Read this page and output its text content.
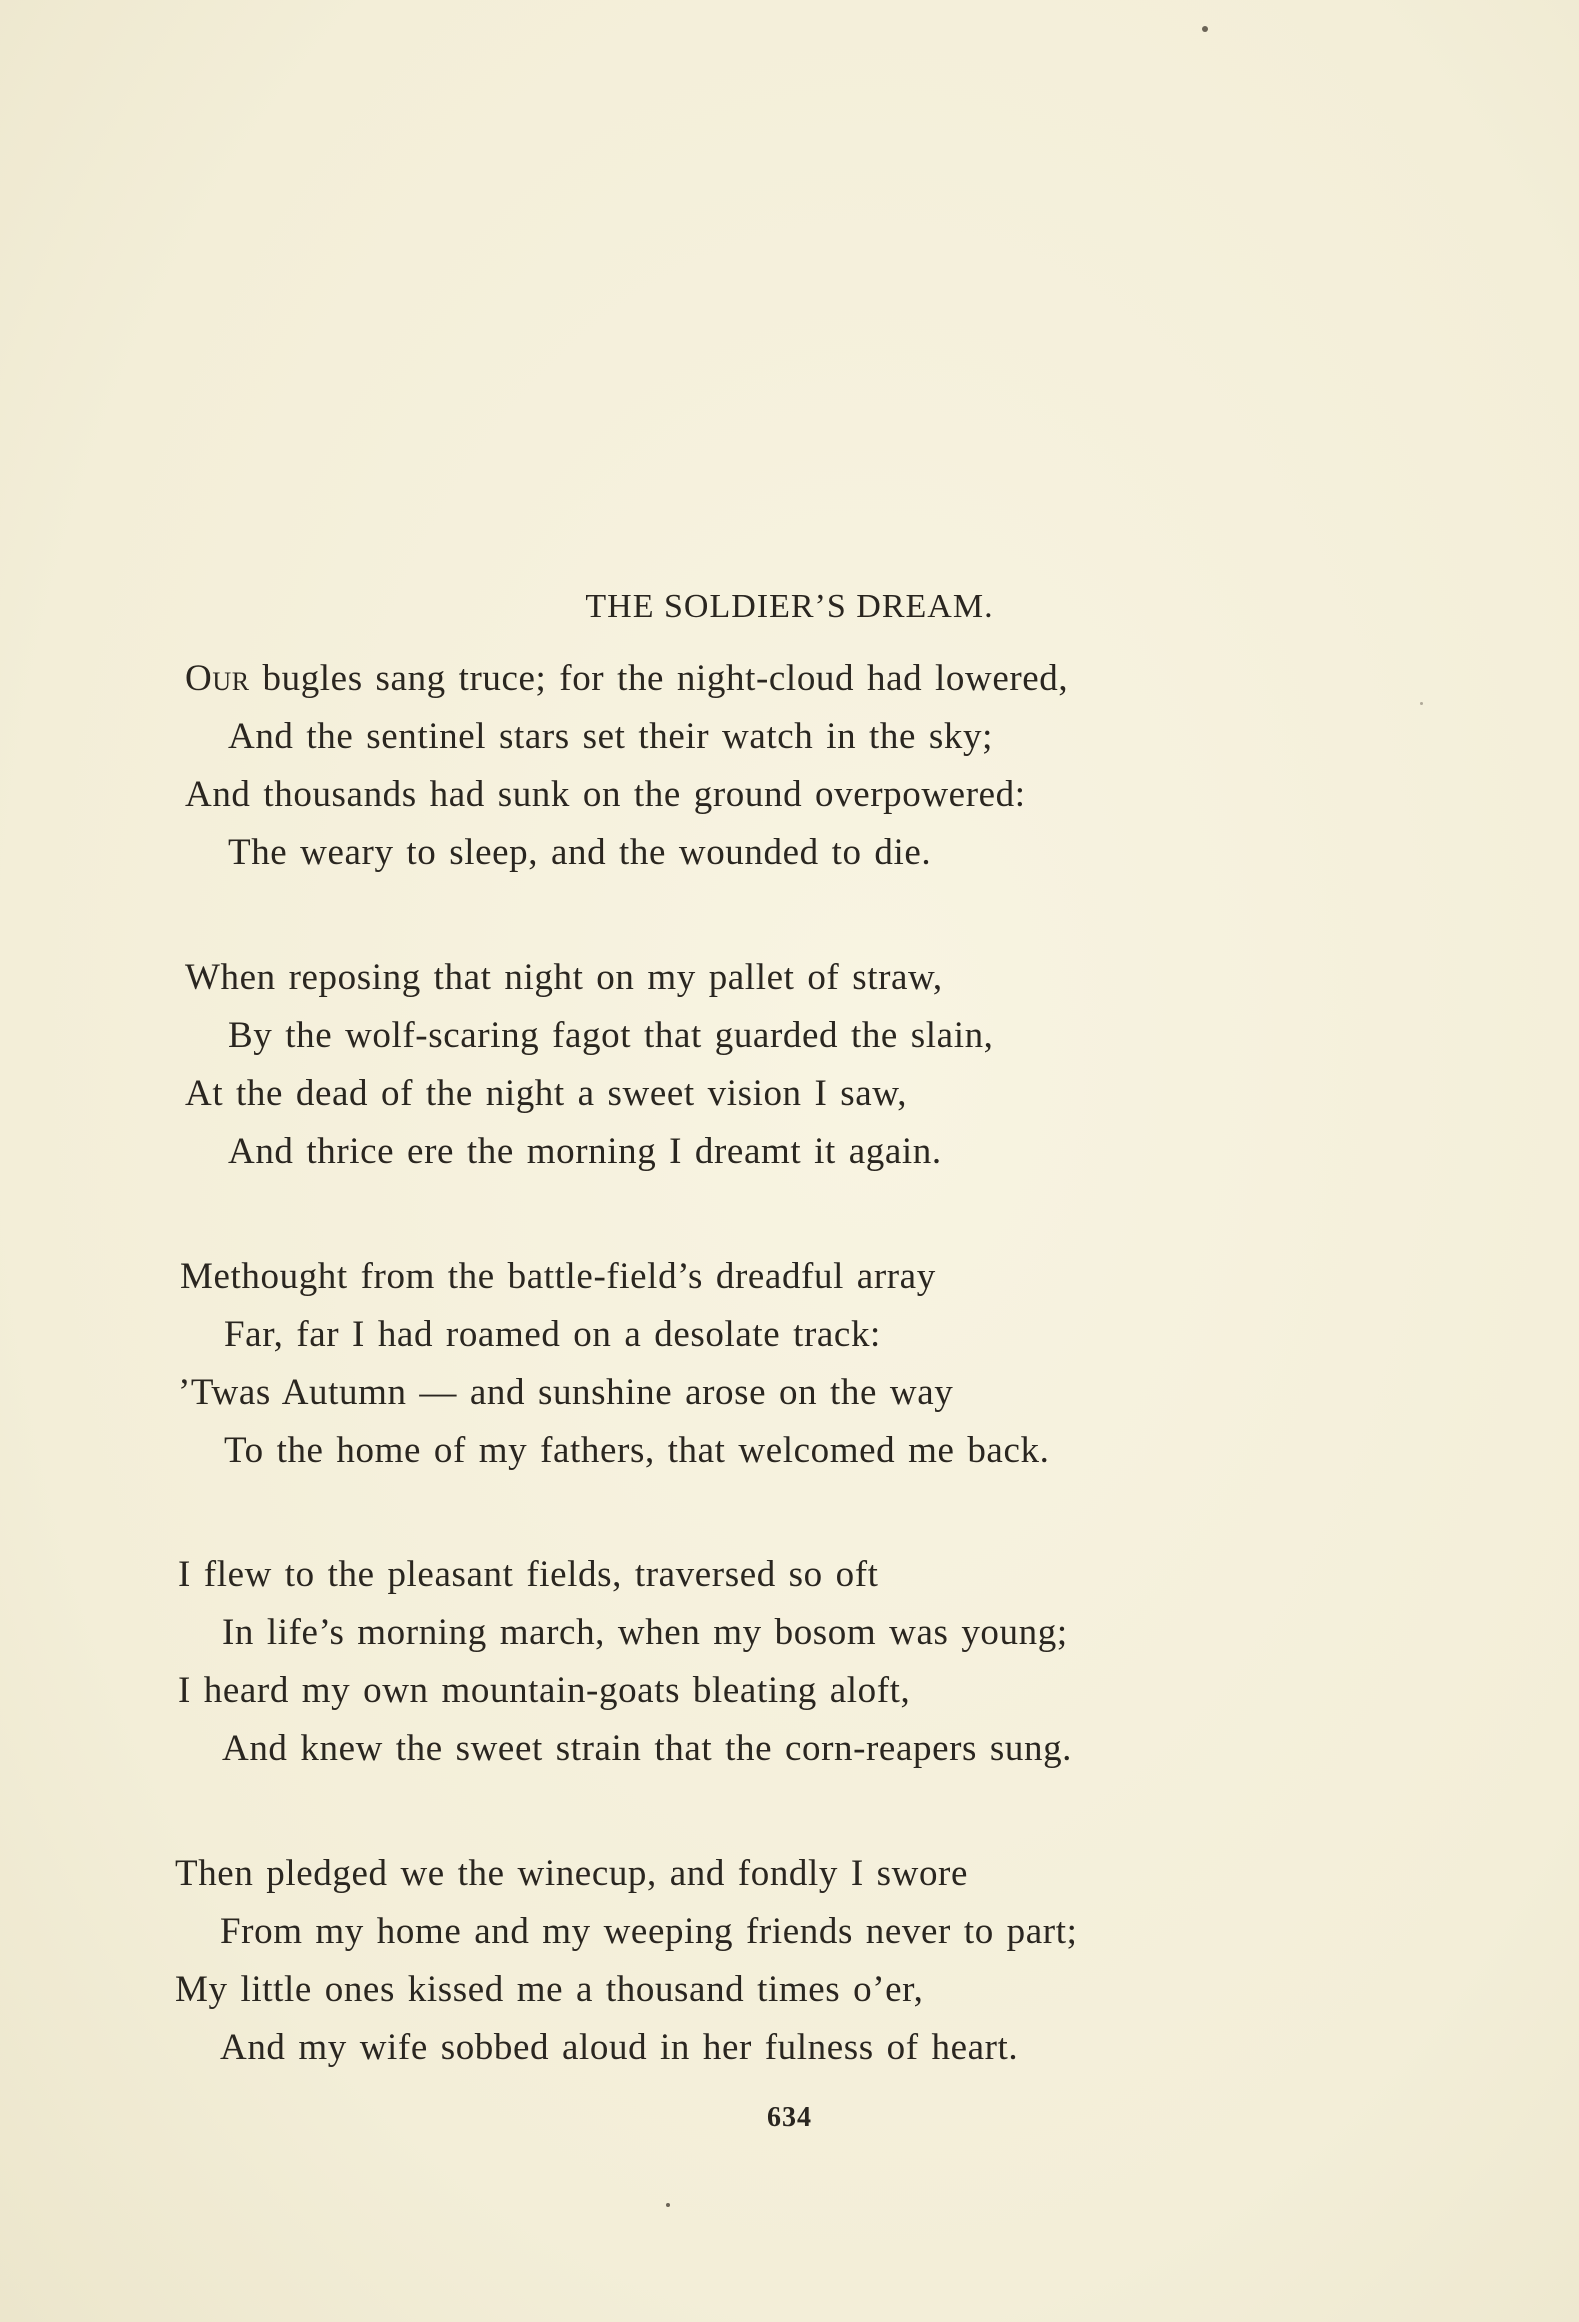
THE SOLDIER’S DREAM.
Our bugles sang truce; for the night-cloud had lowered,
And the sentinel stars set their watch in the sky;
And thousands had sunk on the ground overpowered:
The weary to sleep, and the wounded to die.
When reposing that night on my pallet of straw,
By the wolf-scaring fagot that guarded the slain,
At the dead of the night a sweet vision I saw,
And thrice ere the morning I dreamt it again.
Methought from the battle-field’s dreadful array
Far, far I had roamed on a desolate track:
’Twas Autumn — and sunshine arose on the way
To the home of my fathers, that welcomed me back.
I flew to the pleasant fields, traversed so oft
In life’s morning march, when my bosom was young;
I heard my own mountain-goats bleating aloft,
And knew the sweet strain that the corn-reapers sung.
Then pledged we the winecup, and fondly I swore
From my home and my weeping friends never to part;
My little ones kissed me a thousand times o’er,
And my wife sobbed aloud in her fulness of heart.
634
